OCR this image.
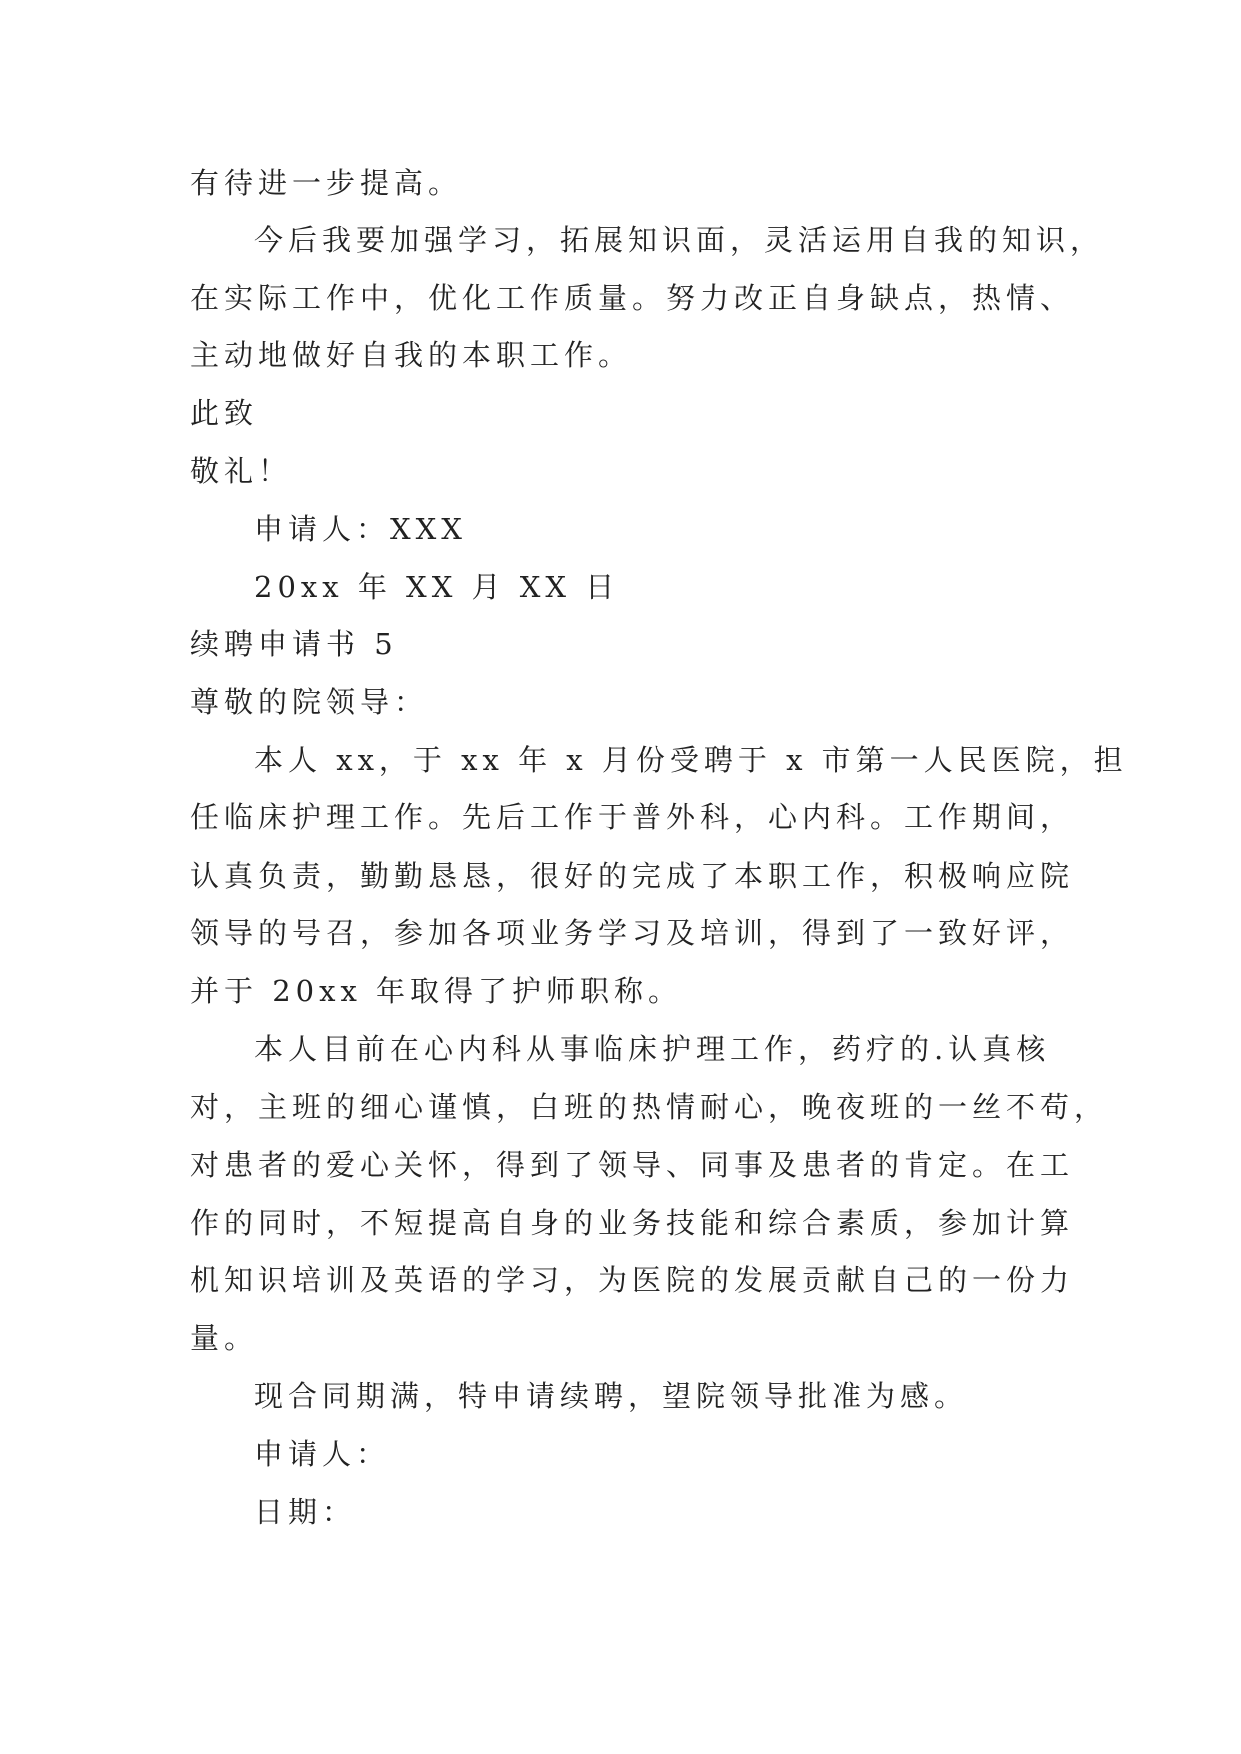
有待进一步提高。
今后我要加强学习，拓展知识面，灵活运用自我的知识，
在实际工作中，优化工作质量。努力改正自身缺点，热情、
主动地做好自我的本职工作。
此致
敬礼！
申请人：XXX
20xx 年 XX 月 XX 日
续聘申请书 5
尊敬的院领导：
本人 xx，于 xx 年 x 月份受聘于 x 市第一人民医院，担
任临床护理工作。先后工作于普外科，心内科。工作期间，
认真负责，勤勤恳恳，很好的完成了本职工作，积极响应院
领导的号召，参加各项业务学习及培训，得到了一致好评，
并于 20xx 年取得了护师职称。
本人目前在心内科从事临床护理工作，药疗的.认真核
对，主班的细心谨慎，白班的热情耐心，晚夜班的一丝不苟，
对患者的爱心关怀，得到了领导、同事及患者的肯定。在工
作的同时，不短提高自身的业务技能和综合素质，参加计算
机知识培训及英语的学习，为医院的发展贡献自己的一份力
量。
现合同期满，特申请续聘，望院领导批准为感。
申请人：
日期：
